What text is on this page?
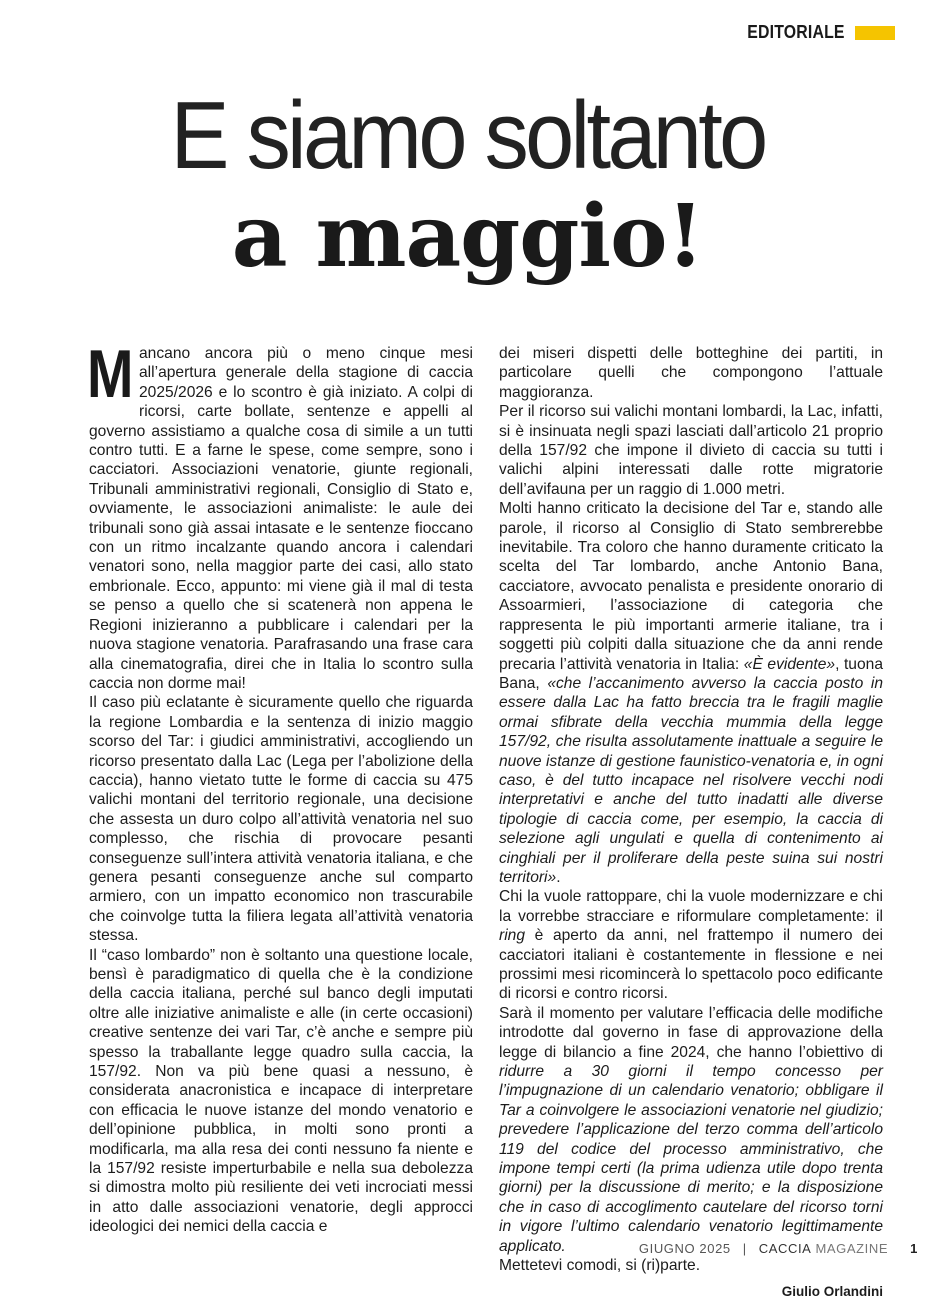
EDITORIALE
E siamo soltanto
a maggio!

Mancano ancora più o meno cinque mesi all’apertura generale della stagione di caccia 2025/2026 e lo scontro è già iniziato. A colpi di ricorsi, carte bollate, sentenze e appelli al governo assistiamo a qualche cosa di simile a un tutti contro tutti. E a farne le spese, come sempre, sono i cacciatori. Associazioni venatorie, giunte regionali, Tribunali amministrativi regionali, Consiglio di Stato e, ovviamente, le associazioni animaliste: le aule dei tribunali sono già assai intasate e le sentenze fioccano con un ritmo incalzante quando ancora i calendari venatori sono, nella maggior parte dei casi, allo stato embrionale. Ecco, appunto: mi viene già il mal di testa se penso a quello che si scatenerà non appena le Regioni inizieranno a pubblicare i calendari per la nuova stagione venatoria. Parafrasando una frase cara alla cinematografia, direi che in Italia lo scontro sulla caccia non dorme mai!

Il caso più eclatante è sicuramente quello che riguarda la regione Lombardia e la sentenza di inizio maggio scorso del Tar: i giudici amministrativi, accogliendo un ricorso presentato dalla Lac (Lega per l’abolizione della caccia), hanno vietato tutte le forme di caccia su 475 valichi montani del territorio regionale, una decisione che assesta un duro colpo all’attività venatoria nel suo complesso, che rischia di provocare pesanti conseguenze sull’intera attività venatoria italiana, e che genera pesanti conseguenze anche sul comparto armiero, con un impatto economico non trascurabile che coinvolge tutta la filiera legata all’attività venatoria stessa.

Il “caso lombardo” non è soltanto una questione locale, bensì è paradigmatico di quella che è la condizione della caccia italiana, perché sul banco degli imputati oltre alle iniziative animaliste e alle (in certe occasioni) creative sentenze dei vari Tar, c’è anche e sempre più spesso la traballante legge quadro sulla caccia, la 157/92. Non va più bene quasi a nessuno, è considerata anacronistica e incapace di interpretare con efficacia le nuove istanze del mondo venatorio e dell’opinione pubblica, in molti sono pronti a modificarla, ma alla resa dei conti nessuno fa niente e la 157/92 resiste imperturbabile e nella sua debolezza si dimostra molto più resiliente dei veti incrociati messi in atto dalle associazioni venatorie, degli approcci ideologici dei nemici della caccia e

dei miseri dispetti delle botteghine dei partiti, in particolare quelli che compongono l’attuale maggioranza.

Per il ricorso sui valichi montani lombardi, la Lac, infatti, si è insinuata negli spazi lasciati dall’articolo 21 proprio della 157/92 che impone il divieto di caccia su tutti i valichi alpini interessati dalle rotte migratorie dell’avifauna per un raggio di 1.000 metri.

Molti hanno criticato la decisione del Tar e, stando alle parole, il ricorso al Consiglio di Stato sembrerebbe inevitabile. Tra coloro che hanno duramente criticato la scelta del Tar lombardo, anche Antonio Bana, cacciatore, avvocato penalista e presidente onorario di Assoarmieri, l’associazione di categoria che rappresenta le più importanti armerie italiane, tra i soggetti più colpiti dalla situazione che da anni rende precaria l’attività venatoria in Italia: «È evidente», tuona Bana, «che l’accanimento avverso la caccia posto in essere dalla Lac ha fatto breccia tra le fragili maglie ormai sfibrate della vecchia mummia della legge 157/92, che risulta assolutamente inattuale a seguire le nuove istanze di gestione faunistico-venatoria e, in ogni caso, è del tutto incapace nel risolvere vecchi nodi interpretativi e anche del tutto inadatti alle diverse tipologie di caccia come, per esempio, la caccia di selezione agli ungulati e quella di contenimento ai cinghiali per il proliferare della peste suina sui nostri territori».

Chi la vuole rattoppare, chi la vuole modernizzare e chi la vorrebbe stracciare e riformulare completamente: il ring è aperto da anni, nel frattempo il numero dei cacciatori italiani è costantemente in flessione e nei prossimi mesi ricomincerà lo spettacolo poco edificante di ricorsi e contro ricorsi.

Sarà il momento per valutare l’efficacia delle modifiche introdotte dal governo in fase di approvazione della legge di bilancio a fine 2024, che hanno l’obiettivo di ridurre a 30 giorni il tempo concesso per l’impugnazione di un calendario venatorio; obbligare il Tar a coinvolgere le associazioni venatorie nel giudizio; prevedere l’applicazione del terzo comma dell’articolo 119 del codice del processo amministrativo, che impone tempi certi (la prima udienza utile dopo trenta giorni) per la discussione di merito; e la disposizione che in caso di accoglimento cautelare del ricorso torni in vigore l’ultimo calendario venatorio legittimamente applicato.

Mettetevi comodi, si (ri)parte.

Giulio Orlandini
GIUGNO 2025 | CACCIA MAGAZINE 1
